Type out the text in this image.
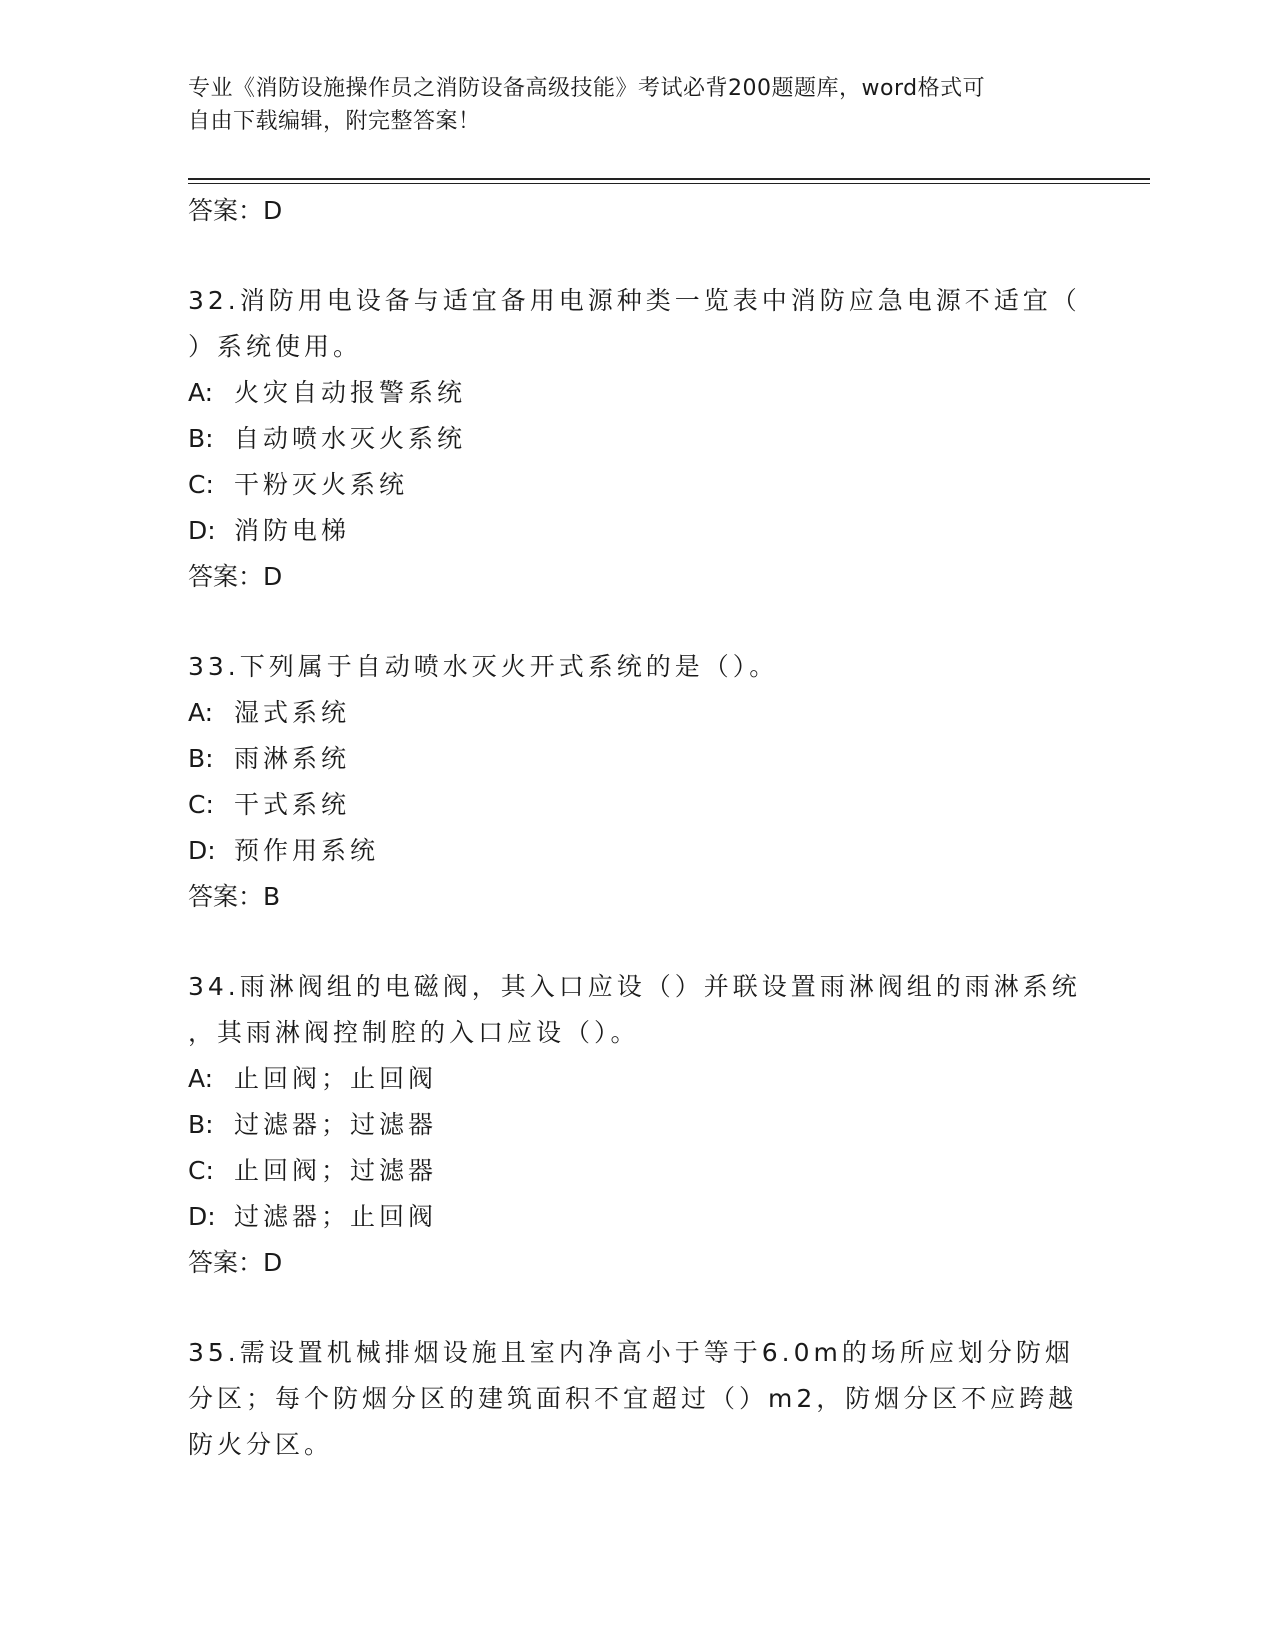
专业《消防设施操作员之消防设备高级技能》考试必背200题题库，word格式可
自由下载编辑，附完整答案！
答案：D
32.消防用电设备与适宜备用电源种类一览表中消防应急电源不适宜（
）系统使用。
A: 火灾自动报警系统
B: 自动喷水灭火系统
C: 干粉灭火系统
D: 消防电梯
答案：D
33.下列属于自动喷水灭火开式系统的是（）。
A: 湿式系统
B: 雨淋系统
C: 干式系统
D: 预作用系统
答案：B
34.雨淋阀组的电磁阀，其入口应设（）并联设置雨淋阀组的雨淋系统
，其雨淋阀控制腔的入口应设（）。
A: 止回阀；止回阀
B: 过滤器；过滤器
C: 止回阀；过滤器
D: 过滤器；止回阀
答案：D
35.需设置机械排烟设施且室内净高小于等于6.0m的场所应划分防烟
分区；每个防烟分区的建筑面积不宜超过（）m2，防烟分区不应跨越
防火分区。
